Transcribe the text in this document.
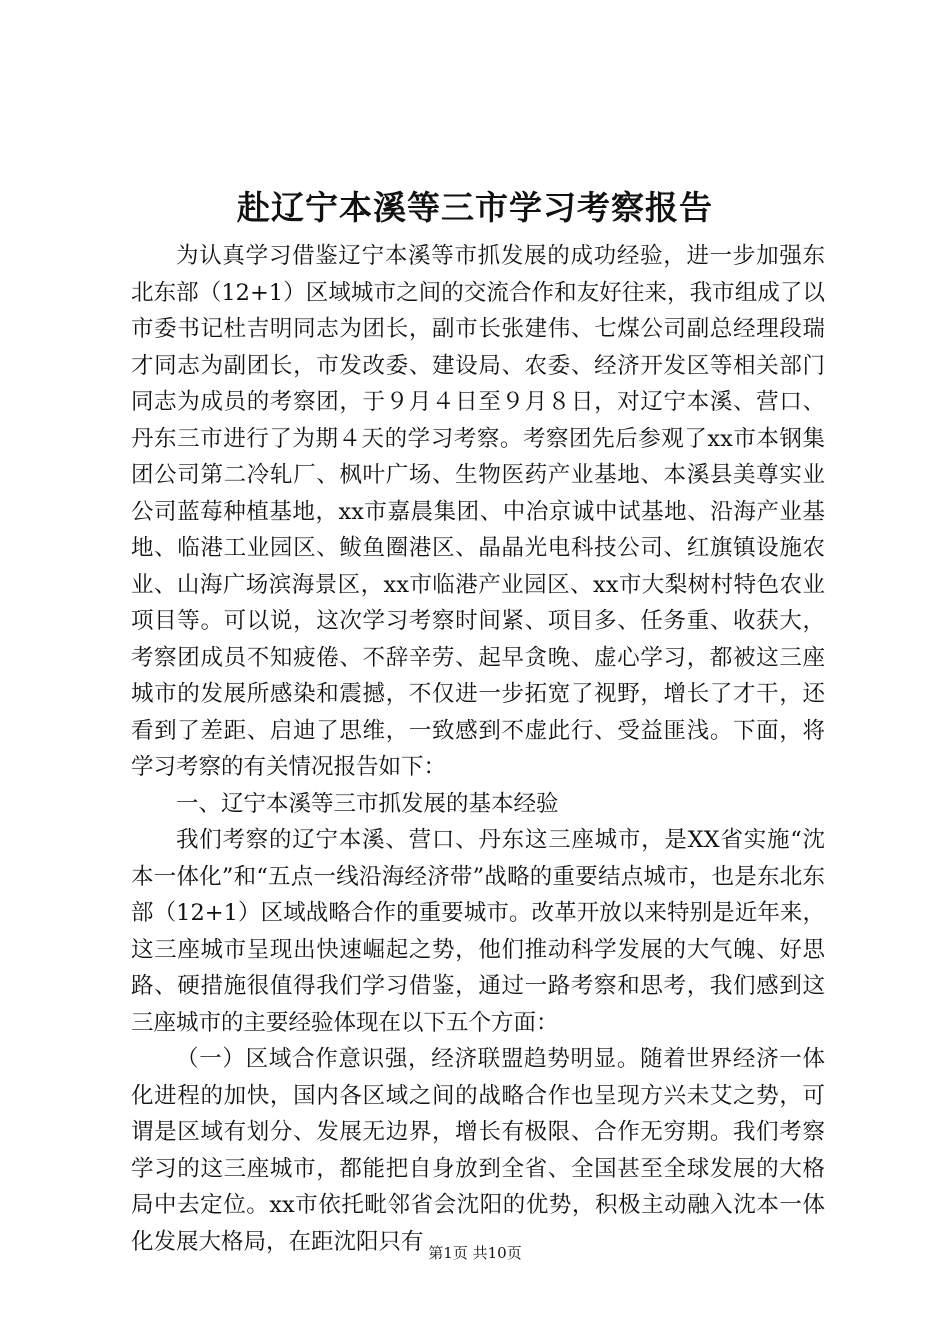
赴辽宁本溪等三市学习考察报告

为认真学习借鉴辽宁本溪等市抓发展的成功经验，进一步加强东北东部（12+1）区域城市之间的交流合作和友好往来，我市组成了以市委书记杜吉明同志为团长，副市长张建伟、七煤公司副总经理段瑞才同志为副团长，市发改委、建设局、农委、经济开发区等相关部门同志为成员的考察团，于９月４日至９月８日，对辽宁本溪、营口、丹东三市进行了为期４天的学习考察。考察团先后参观了xx市本钢集团公司第二冷轧厂、枫叶广场、生物医药产业基地、本溪县美尊实业公司蓝莓种植基地，xx市嘉晨集团、中冶京诚中试基地、沿海产业基地、临港工业园区、鲅鱼圈港区、晶晶光电科技公司、红旗镇设施农业、山海广场滨海景区，xx市临港产业园区、xx市大梨树村特色农业项目等。可以说，这次学习考察时间紧、项目多、任务重、收获大，考察团成员不知疲倦、不辞辛劳、起早贪晚、虚心学习，都被这三座城市的发展所感染和震撼，不仅进一步拓宽了视野，增长了才干，还看到了差距、启迪了思维，一致感到不虚此行、受益匪浅。下面，将学习考察的有关情况报告如下：

一、辽宁本溪等三市抓发展的基本经验

我们考察的辽宁本溪、营口、丹东这三座城市，是XX省实施“沈本一体化”和“五点一线沿海经济带”战略的重要结点城市，也是东北东部（12+1）区域战略合作的重要城市。改革开放以来特别是近年来，这三座城市呈现出快速崛起之势，他们推动科学发展的大气魄、好思路、硬措施很值得我们学习借鉴，通过一路考察和思考，我们感到这三座城市的主要经验体现在以下五个方面：

（一）区域合作意识强，经济联盟趋势明显。随着世界经济一体化进程的加快，国内各区域之间的战略合作也呈现方兴未艾之势，可谓是区域有划分、发展无边界，增长有极限、合作无穷期。我们考察学习的这三座城市，都能把自身放到全省、全国甚至全球发展的大格局中去定位。xx市依托毗邻省会沈阳的优势，积极主动融入沈本一体化发展大格局，在距沈阳只有 第1页 共10页
